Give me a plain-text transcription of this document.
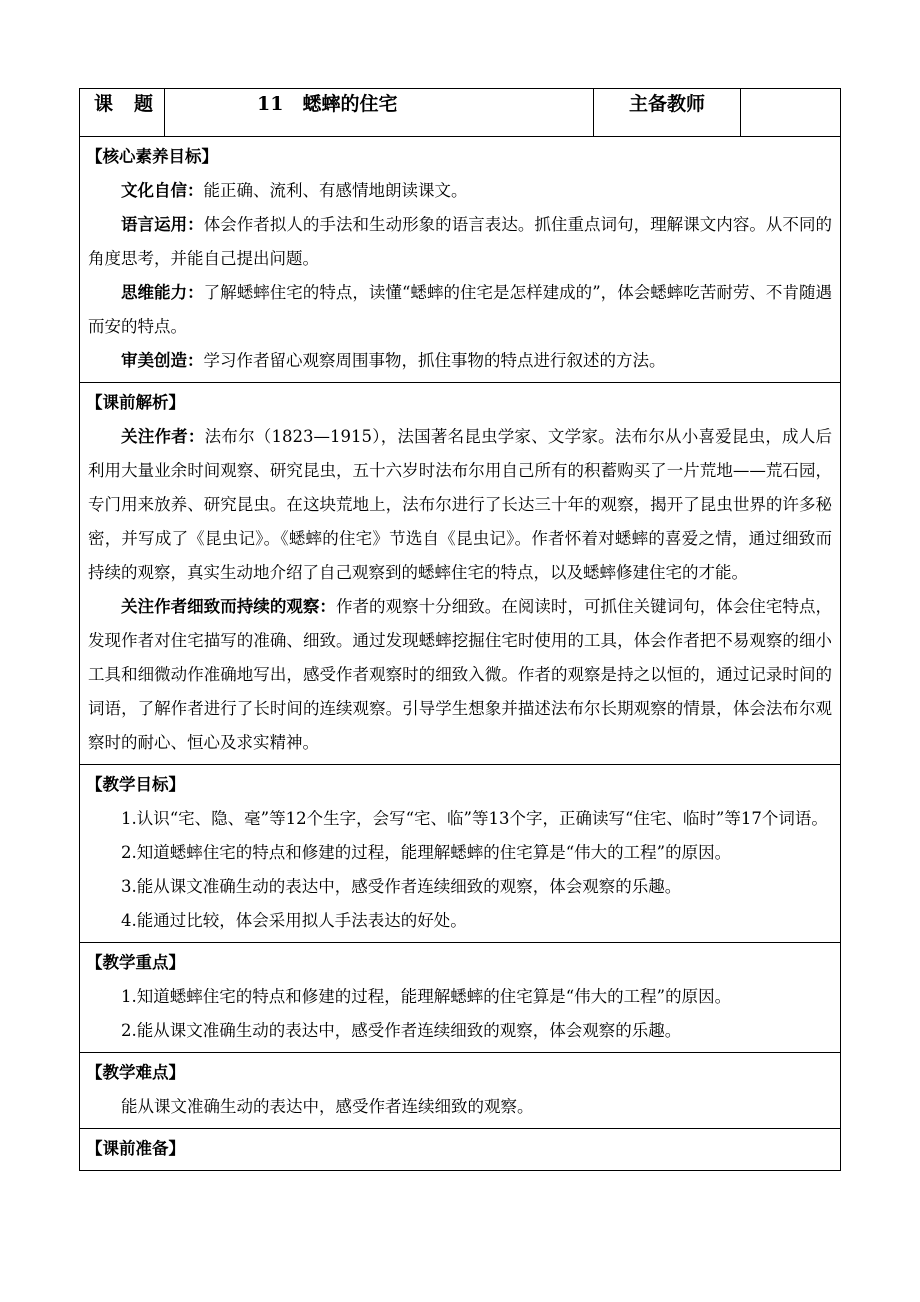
课　题	11　蟋蟀的住宅	主备教师	

【核心素养目标】

文化自信：能正确、流利、有感情地朗读课文。

语言运用：体会作者拟人的手法和生动形象的语言表达。抓住重点词句，理解课文内容。从不同的角度思考，并能自己提出问题。

思维能力：了解蟋蟀住宅的特点，读懂“蟋蟀的住宅是怎样建成的”，体会蟋蟀吃苦耐劳、不肯随遇而安的特点。

审美创造：学习作者留心观察周围事物，抓住事物的特点进行叙述的方法。

【课前解析】

关注作者：法布尔（1823—1915），法国著名昆虫学家、文学家。法布尔从小喜爱昆虫，成人后利用大量业余时间观察、研究昆虫，五十六岁时法布尔用自己所有的积蓄购买了一片荒地——荒石园，专门用来放养、研究昆虫。在这块荒地上，法布尔进行了长达三十年的观察，揭开了昆虫世界的许多秘密，并写成了《昆虫记》。《蟋蟀的住宅》节选自《昆虫记》。作者怀着对蟋蟀的喜爱之情，通过细致而持续的观察，真实生动地介绍了自己观察到的蟋蟀住宅的特点，以及蟋蟀修建住宅的才能。

关注作者细致而持续的观察：作者的观察十分细致。在阅读时，可抓住关键词句，体会住宅特点，发现作者对住宅描写的准确、细致。通过发现蟋蟀挖掘住宅时使用的工具，体会作者把不易观察的细小工具和细微动作准确地写出，感受作者观察时的细致入微。作者的观察是持之以恒的，通过记录时间的词语，了解作者进行了长时间的连续观察。引导学生想象并描述法布尔长期观察的情景，体会法布尔观察时的耐心、恒心及求实精神。

【教学目标】

1.认识“宅、隐、毫”等12个生字，会写“宅、临”等13个字，正确读写“住宅、临时”等17个词语。

2.知道蟋蟀住宅的特点和修建的过程，能理解蟋蟀的住宅算是“伟大的工程”的原因。

3.能从课文准确生动的表达中，感受作者连续细致的观察，体会观察的乐趣。

4.能通过比较，体会采用拟人手法表达的好处。

【教学重点】

1.知道蟋蟀住宅的特点和修建的过程，能理解蟋蟀的住宅算是“伟大的工程”的原因。

2.能从课文准确生动的表达中，感受作者连续细致的观察，体会观察的乐趣。

【教学难点】

能从课文准确生动的表达中，感受作者连续细致的观察。

【课前准备】
